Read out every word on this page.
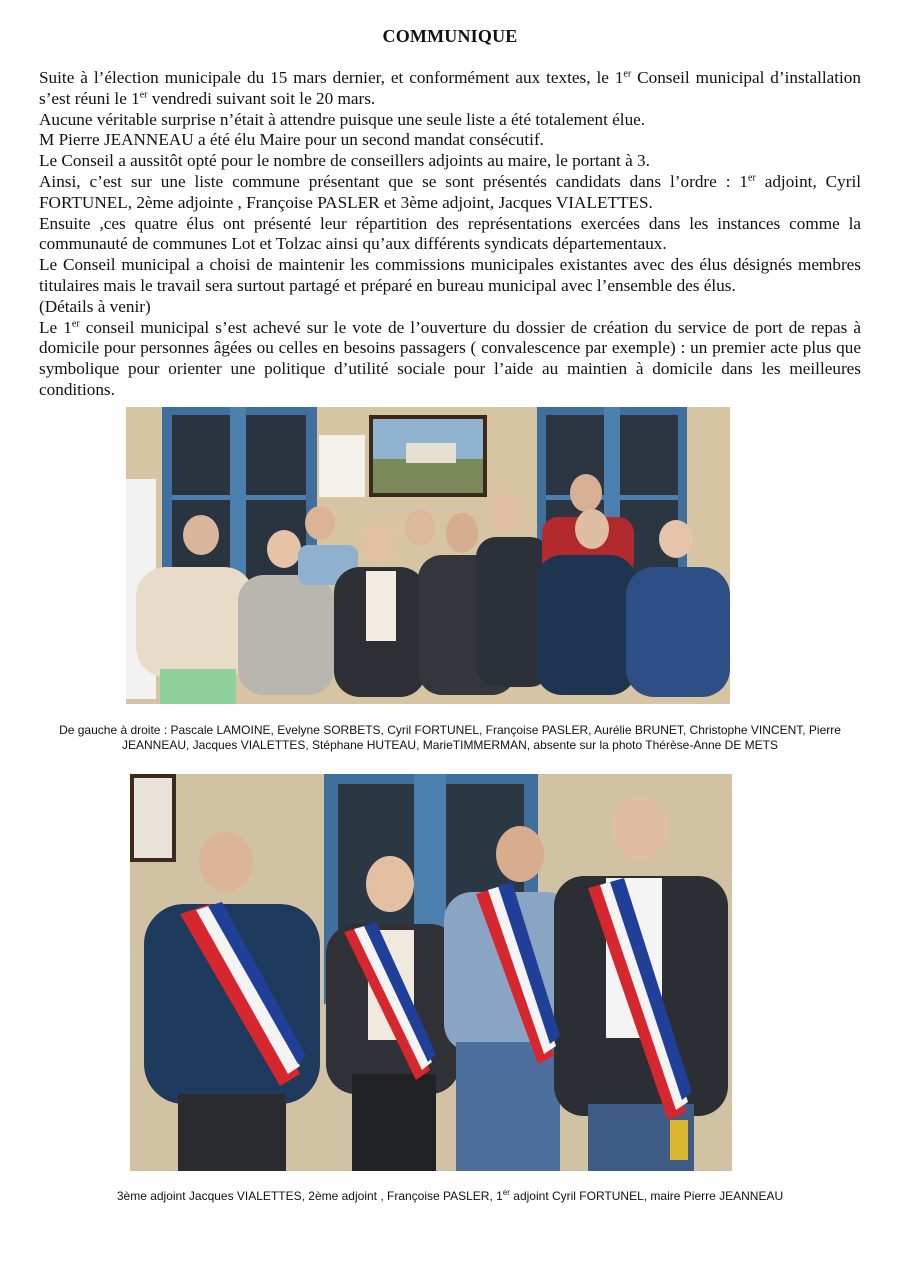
COMMUNIQUE

Suite à l’élection municipale du 15 mars dernier, et conformément aux textes, le 1er Conseil municipal d’installation s’est réuni le 1er vendredi suivant soit le 20 mars.

Aucune véritable surprise n’était à attendre puisque une seule liste a été totalement élue.

M Pierre JEANNEAU a été élu Maire pour un second mandat consécutif.

Le Conseil a aussitôt opté pour le nombre de conseillers adjoints au maire, le portant à 3.

Ainsi, c’est sur une liste commune présentant que se sont présentés candidats dans l’ordre : 1er adjoint, Cyril FORTUNEL, 2ème adjointe , Françoise PASLER et 3ème adjoint, Jacques VIALETTES.

Ensuite ,ces quatre élus ont présenté leur répartition des représentations exercées dans les instances comme la communauté de communes Lot et Tolzac ainsi qu’aux différents syndicats départementaux.

Le Conseil municipal a choisi de maintenir les commissions municipales existantes avec des élus désignés membres titulaires mais le travail sera surtout partagé et préparé en bureau municipal avec l’ensemble des élus.

(Détails à venir)

Le 1er conseil municipal s’est achevé sur le vote de l’ouverture du dossier de création du service de port de repas à domicile pour personnes âgées ou celles en besoins passagers ( convalescence par exemple) : un premier acte plus que symbolique pour orienter une politique d’utilité sociale pour l’aide au maintien à domicile dans les meilleures conditions.

De gauche à droite : Pascale LAMOINE, Evelyne SORBETS, Cyril FORTUNEL, Françoise PASLER, Aurélie BRUNET, Christophe VINCENT, Pierre
JEANNEAU, Jacques VIALETTES, Stéphane HUTEAU, MarieTIMMERMAN, absente sur la photo Thérèse-Anne DE METS
3ème adjoint Jacques VIALETTES, 2ème adjoint , Françoise PASLER, 1er adjoint Cyril FORTUNEL, maire Pierre JEANNEAU
